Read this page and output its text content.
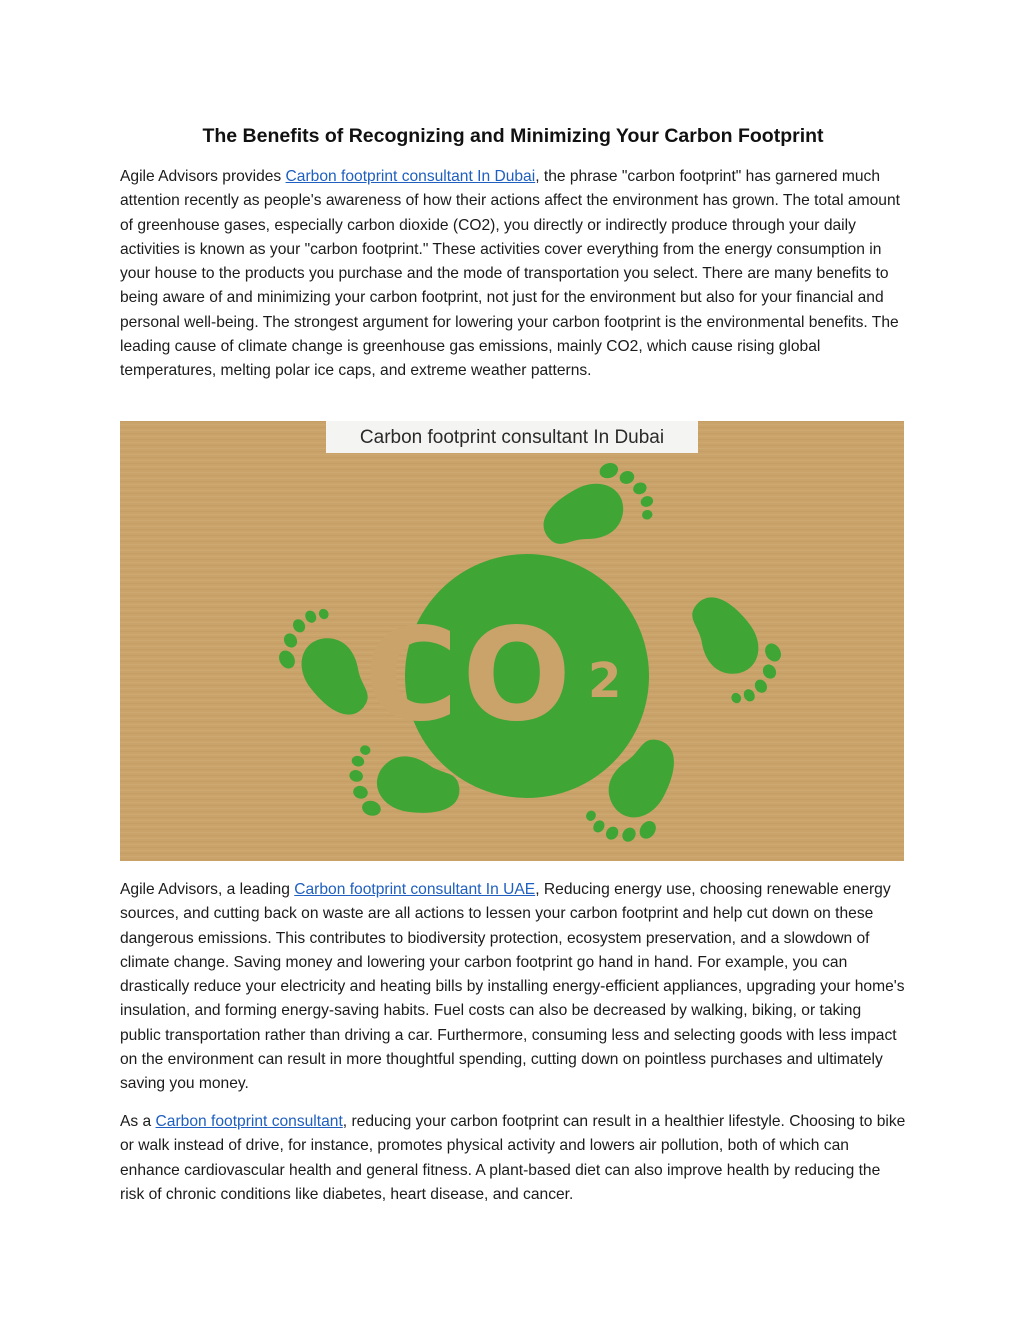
The Benefits of Recognizing and Minimizing Your Carbon Footprint

Agile Advisors provides Carbon footprint consultant In Dubai, the phrase "carbon footprint" has garnered much attention recently as people's awareness of how their actions affect the environment has grown. The total amount of greenhouse gases, especially carbon dioxide (CO2), you directly or indirectly produce through your daily activities is known as your "carbon footprint." These activities cover everything from the energy consumption in your house to the products you purchase and the mode of transportation you select. There are many benefits to being aware of and minimizing your carbon footprint, not just for the environment but also for your financial and personal well-being. The strongest argument for lowering your carbon footprint is the environmental benefits. The leading cause of climate change is greenhouse gas emissions, mainly CO2, which cause rising global temperatures, melting polar ice caps, and extreme weather patterns.

Carbon footprint consultant In Dubai
CO 2

Agile Advisors, a leading Carbon footprint consultant In UAE, Reducing energy use, choosing renewable energy sources, and cutting back on waste are all actions to lessen your carbon footprint and help cut down on these dangerous emissions. This contributes to biodiversity protection, ecosystem preservation, and a slowdown of climate change. Saving money and lowering your carbon footprint go hand in hand. For example, you can drastically reduce your electricity and heating bills by installing energy-efficient appliances, upgrading your home's insulation, and forming energy-saving habits. Fuel costs can also be decreased by walking, biking, or taking public transportation rather than driving a car. Furthermore, consuming less and selecting goods with less impact on the environment can result in more thoughtful spending, cutting down on pointless purchases and ultimately saving you money.

As a Carbon footprint consultant, reducing your carbon footprint can result in a healthier lifestyle. Choosing to bike or walk instead of drive, for instance, promotes physical activity and lowers air pollution, both of which can enhance cardiovascular health and general fitness. A plant-based diet can also improve health by reducing the risk of chronic conditions like diabetes, heart disease, and cancer.
